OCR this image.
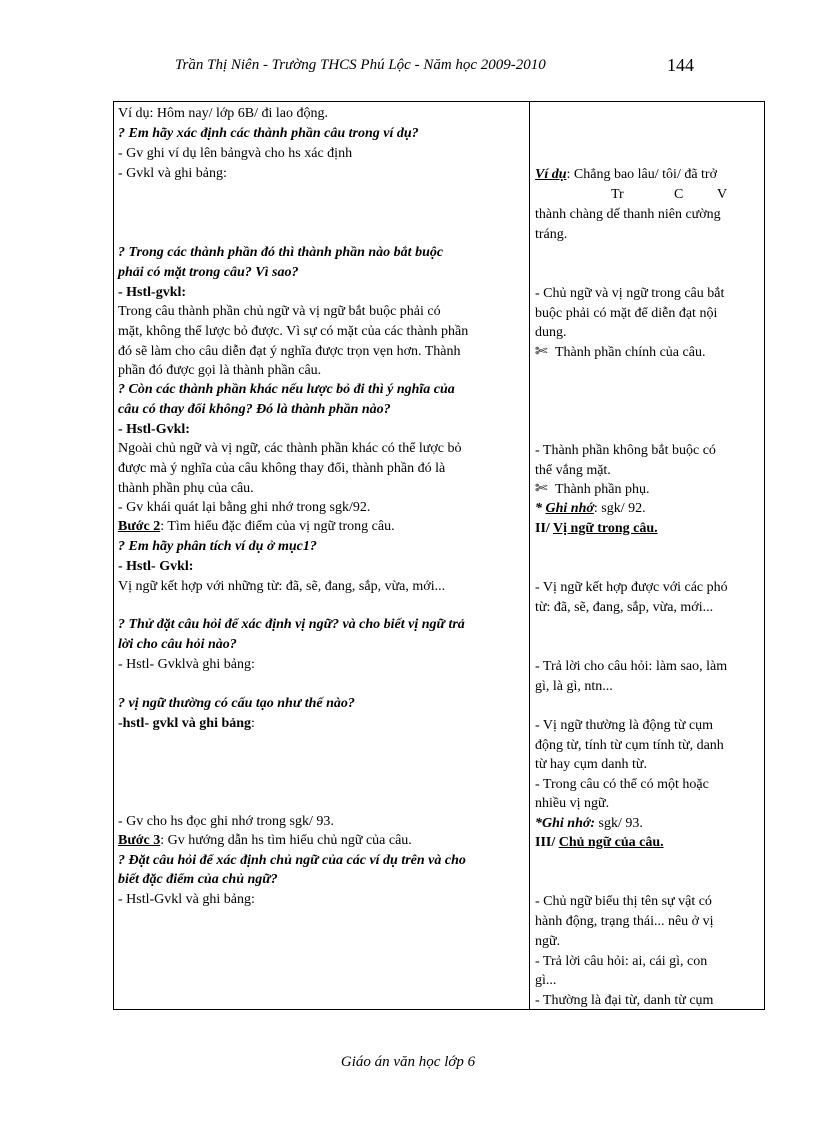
Trần Thị Niên - Trường THCS Phú Lộc - Năm học 2009-2010	144
Ví dụ: Hôm nay/ lớp 6B/ đi lao động.
? Em hãy xác định các thành phần câu trong ví dụ?
- Gv ghi ví dụ lên bảngvà cho hs xác định
- Gvkl và ghi bảng:
? Trong các thành phần đó thì thành phần nào bắt buộc
phải có mặt trong câu? Vì sao?
- Hstl-gvkl:
Trong câu thành phần chủ ngữ và vị ngữ bắt buộc phải có
mặt, không thể lược bỏ được. Vì sự có mặt của các thành phần
đó sẽ làm cho câu diễn đạt ý nghĩa được trọn vẹn hơn. Thành
phần đó được gọi là thành phần câu.
? Còn các thành phần khác nếu lược bỏ đi thì ý nghĩa của
câu có thay đổi không? Đó là thành phần nào?
- Hstl-Gvkl:
Ngoài chủ ngữ và vị ngữ, các thành phần khác có thể lược bỏ
được mà ý nghĩa của câu không thay đổi, thành phần đó là
thành phần phụ của câu.
- Gv khái quát lại bằng ghi nhớ trong sgk/92.
Bước 2: Tìm hiểu đặc điểm của vị ngữ trong câu.
? Em hãy phân tích ví dụ ở mục1?
- Hstl- Gvkl:
Vị ngữ kết hợp với những từ: đã, sẽ, đang, sắp, vừa, mới...
? Thử đặt câu hỏi để xác định vị ngữ? và cho biết vị ngữ trả
lời cho câu hỏi nào?
- Hstl- Gvklvà ghi bảng:
? vị ngữ thường có cấu tạo như thế nào?
-hstl- gvkl và ghi bảng:
- Gv cho hs đọc ghi nhớ trong sgk/ 93.
Bước 3: Gv hướng dẫn hs tìm hiểu chủ ngữ của câu.
? Đặt câu hỏi để xác định chủ ngữ của các ví dụ trên và cho
biết đặc điểm của chủ ngữ?
- Hstl-Gvkl và ghi bảng:
Ví dụ: Chẳng bao lâu/ tôi/ đã trở
Tr	C V
thành chàng dế thanh niên cường
tráng.
- Chủ ngữ và vị ngữ trong câu bắt
buộc phải có mặt để diễn đạt nội
dung.
✄ Thành phần chính của câu.
- Thành phần không bắt buộc có
thể vắng mặt.
✄ Thành phần phụ.
* Ghi nhớ: sgk/ 92.
II/ Vị ngữ trong câu.
- Vị ngữ kết hợp được với các phó
từ: đã, sẽ, đang, sắp, vừa, mới...
- Trả lời cho câu hỏi: làm sao, làm
gì, là gì, ntn...
- Vị ngữ thường là động từ cụm
động từ, tính từ cụm tính từ, danh
từ hay cụm danh từ.
- Trong câu có thể có một hoặc
nhiều vị ngữ.
*Ghi nhớ: sgk/ 93.
III/ Chủ ngữ của câu.
- Chủ ngữ biểu thị tên sự vật có
hành động, trạng thái... nêu ở vị
ngữ.
- Trả lời câu hỏi: ai, cái gì, con
gì...
- Thường là đại từ, danh từ cụm
Giáo án văn học lớp 6
